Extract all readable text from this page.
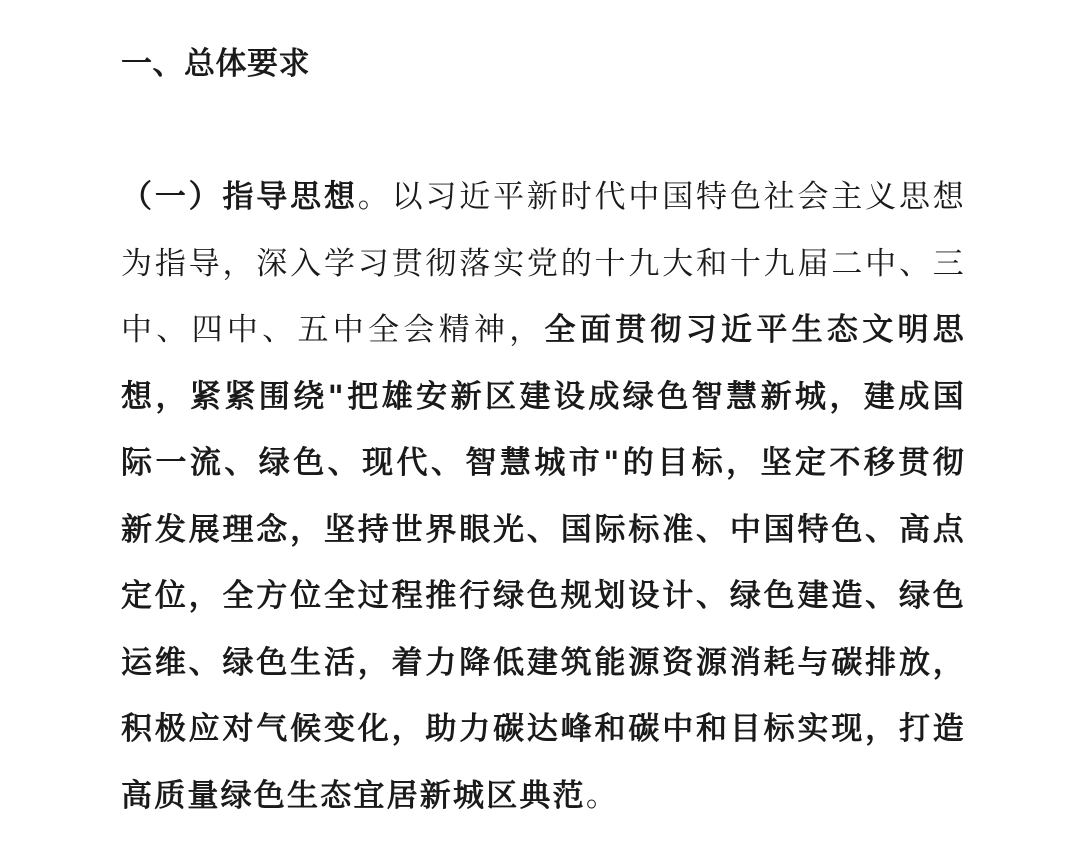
一、总体要求

（一）指导思想。以习近平新时代中国特色社会主义思想为指导，深入学习贯彻落实党的十九大和十九届二中、三中、四中、五中全会精神，全面贯彻习近平生态文明思想，紧紧围绕"把雄安新区建设成绿色智慧新城，建成国际一流、绿色、现代、智慧城市"的目标，坚定不移贯彻新发展理念，坚持世界眼光、国际标准、中国特色、高点定位，全方位全过程推行绿色规划设计、绿色建造、绿色运维、绿色生活，着力降低建筑能源资源消耗与碳排放，积极应对气候变化，助力碳达峰和碳中和目标实现，打造高质量绿色生态宜居新城区典范。
